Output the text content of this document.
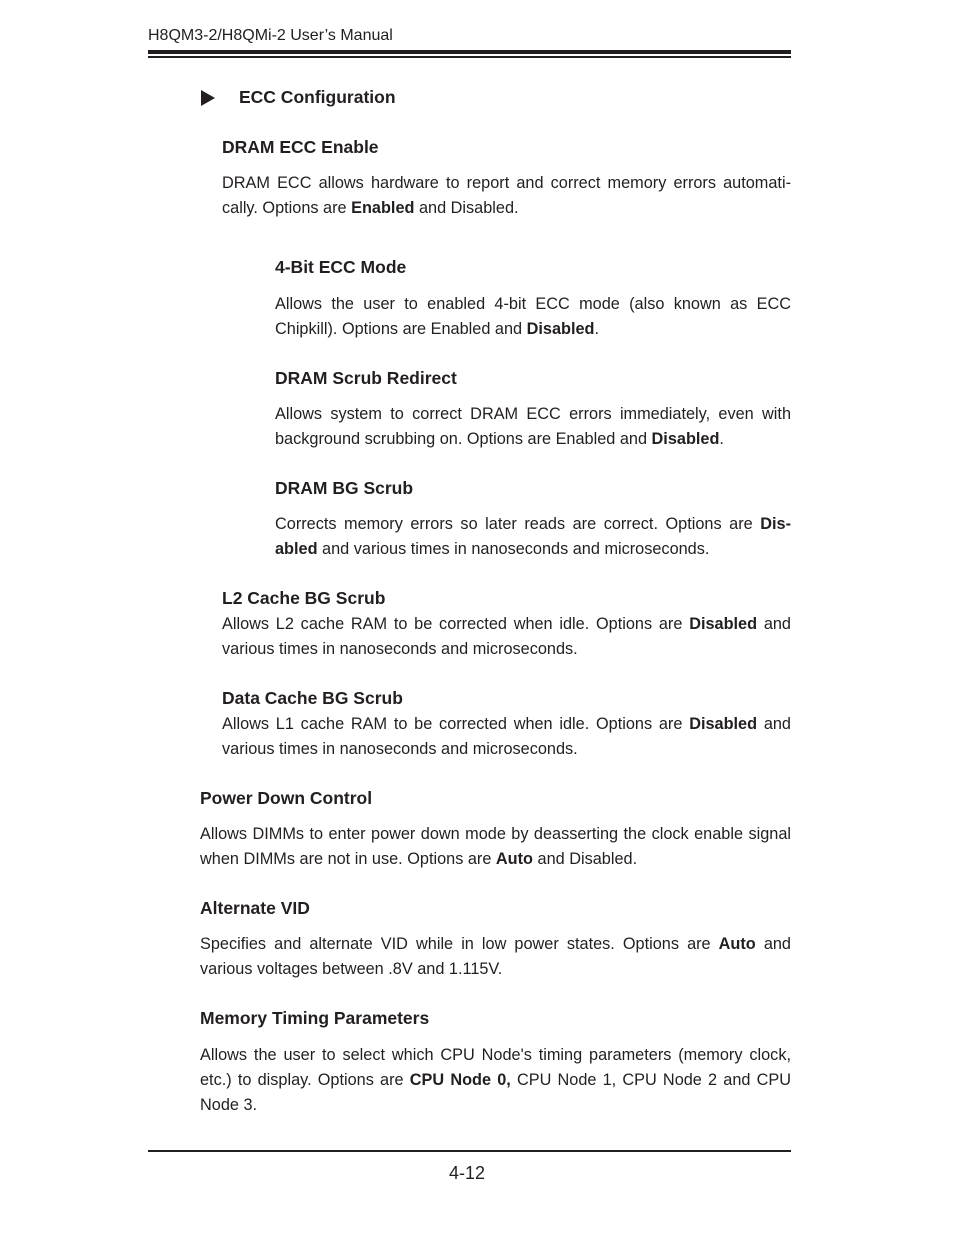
H8QM3-2/H8QMi-2 User’s Manual
ECC Configuration
DRAM ECC Enable

DRAM ECC allows hardware to report and correct memory errors automati-cally. Options are Enabled and Disabled.

4-Bit ECC Mode

Allows the user to enabled 4-bit ECC mode (also known as ECC Chipkill). Options are Enabled and Disabled.

DRAM Scrub Redirect

Allows system to correct DRAM ECC errors immediately, even with background scrubbing on. Options are Enabled and Disabled.

DRAM BG Scrub

Corrects memory errors so later reads are correct. Options are Dis-abled and various times in nanoseconds and microseconds.

L2 Cache BG Scrub

Allows L2 cache RAM to be corrected when idle. Options are Disabled and various times in nanoseconds and microseconds.

Data Cache BG Scrub

Allows L1 cache RAM to be corrected when idle. Options are Disabled and various times in nanoseconds and microseconds.

Power Down Control

Allows DIMMs to enter power down mode by deasserting the clock enable signal when DIMMs are not in use. Options are Auto and Disabled.

Alternate VID

Specifies and alternate VID while in low power states. Options are Auto and various voltages between .8V and 1.115V.

Memory Timing Parameters

Allows the user to select which CPU Node's timing parameters (memory clock, etc.) to display. Options are CPU Node 0, CPU Node 1, CPU Node 2 and CPU Node 3.

4-12
